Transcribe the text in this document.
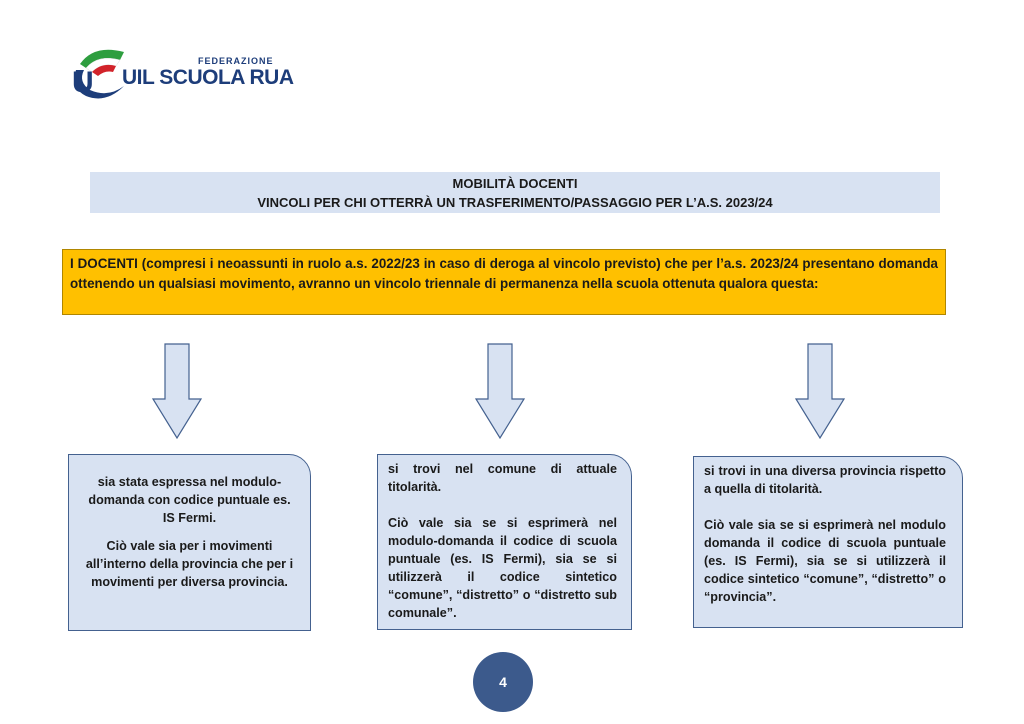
U
FEDERAZIONE
UIL SCUOLA RUA
MOBILITÀ DOCENTI
VINCOLI PER CHI OTTERRÀ UN TRASFERIMENTO/PASSAGGIO PER L’A.S. 2023/24
I DOCENTI (compresi i neoassunti in ruolo a.s. 2022/23 in caso di deroga al vincolo previsto) che per l’a.s. 2023/24 presentano domanda ottenendo un qualsiasi movimento, avranno un vincolo triennale di permanenza nella scuola ottenuta qualora questa:

sia stata espressa nel modulo-domanda con codice puntuale es. IS Fermi.

Ciò vale sia per i movimenti all’interno della provincia che per i movimenti per diversa provincia.

si trovi nel comune di attuale titolarità.

Ciò vale sia se si esprimerà nel modulo-domanda il codice di scuola puntuale (es. IS Fermi), sia se si utilizzerà il codice sintetico “comune”, “distretto” o “distretto sub comunale”.

si trovi in una diversa provincia rispetto a quella di titolarità.

Ciò vale sia se si esprimerà nel modulo domanda il codice di scuola puntuale (es. IS Fermi), sia se si utilizzerà il codice sintetico “comune”, “distretto” o “provincia”.

4
